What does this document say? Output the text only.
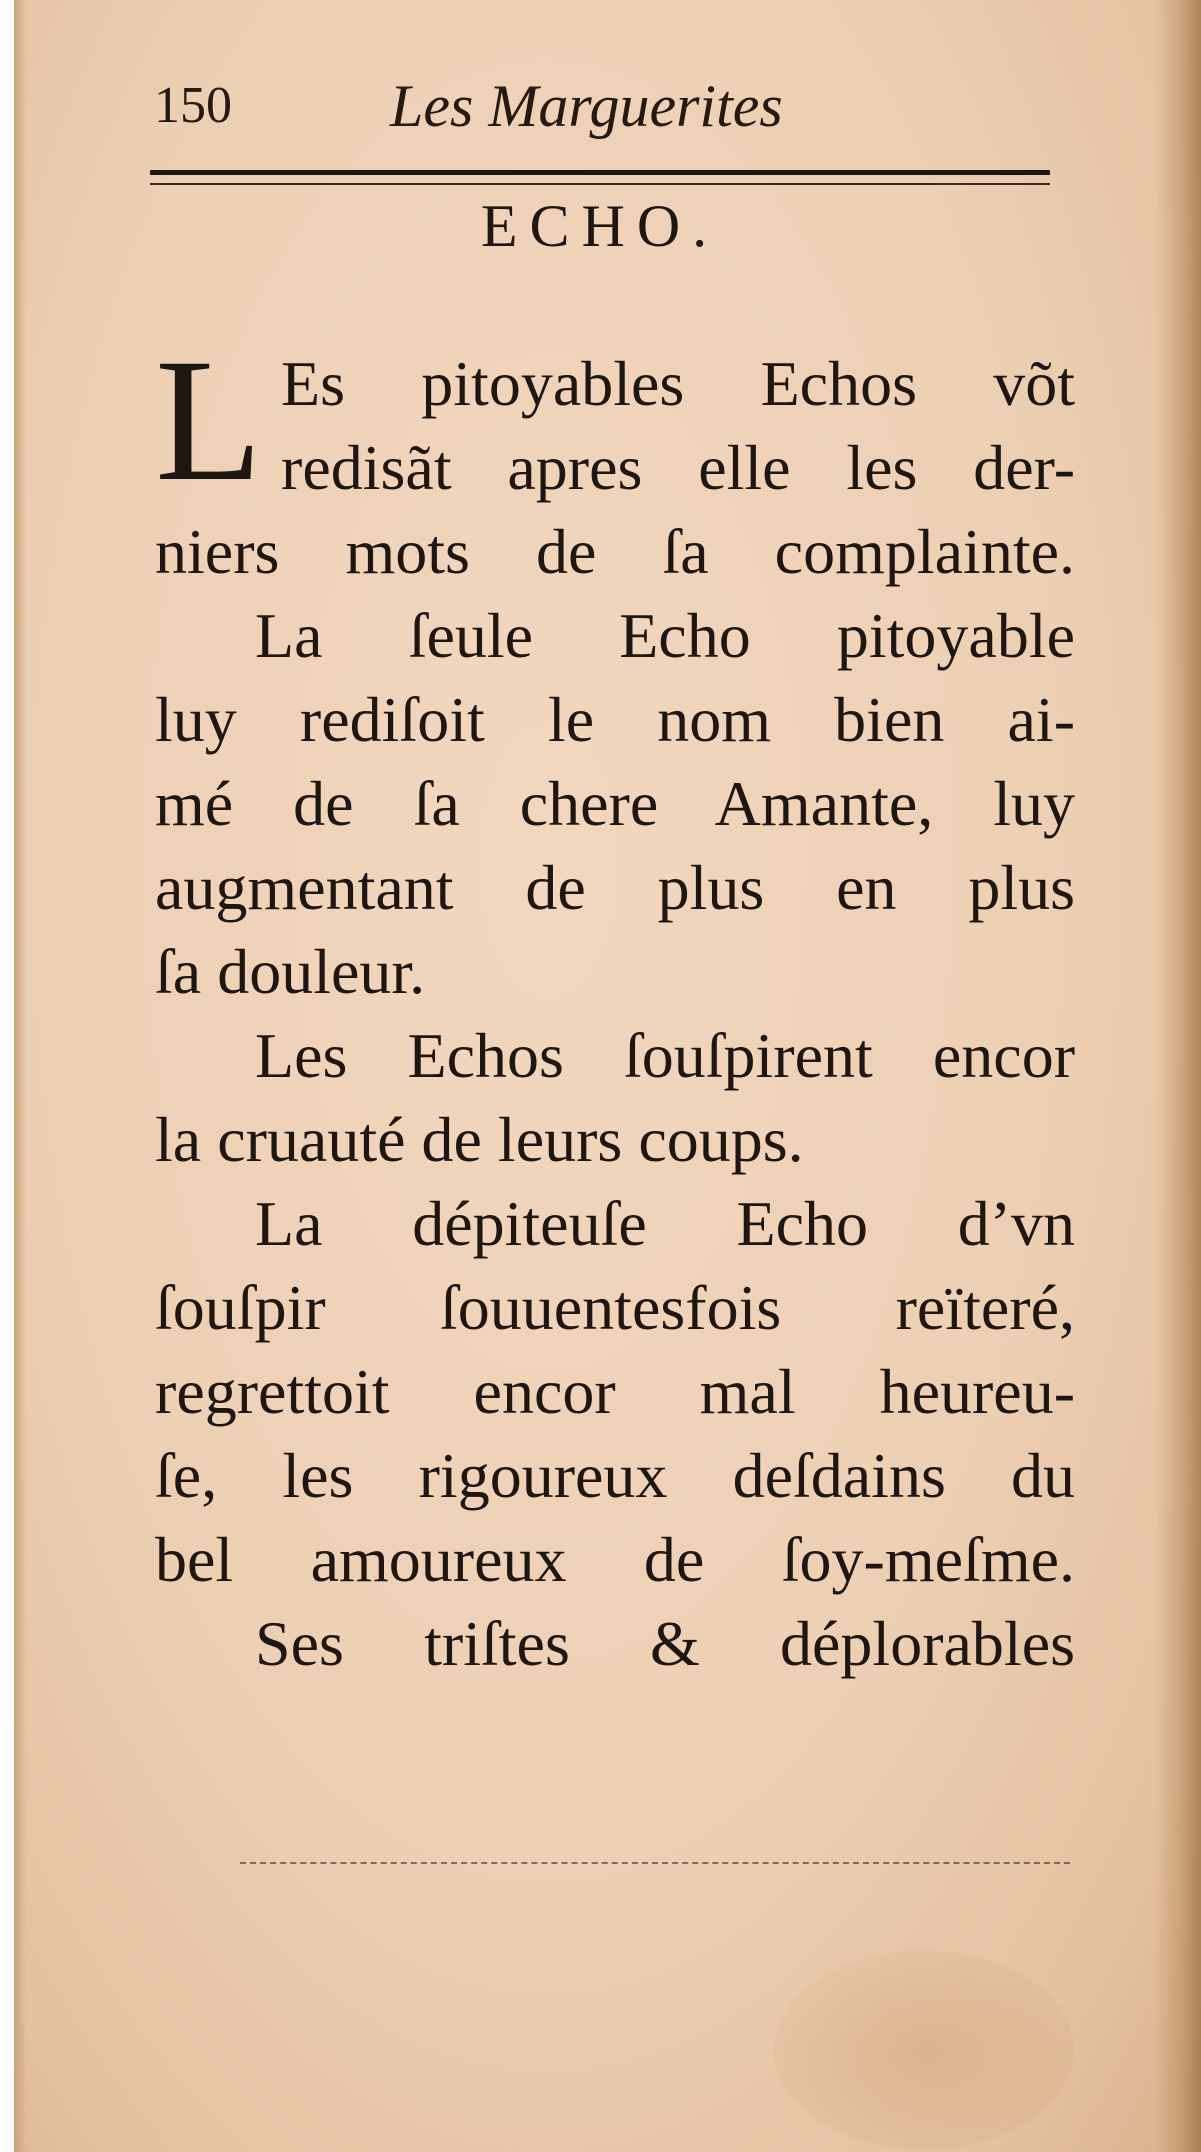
150	Les Marguerites
ECHO.
L Es pitoyables Echos võt
redisãt apres elle les der-
niers mots de ſa complainte.
La ſeule Echo pitoyable
luy rediſoit le nom bien ai-
mé de ſa chere Amante, luy
augmentant de plus en plus
ſa douleur.
Les Echos ſouſpirent encor
la cruauté de leurs coups.
La dépiteuſe Echo d’vn
ſouſpir ſouuentesfois reïteré,
regrettoit encor mal heureu-
ſe, les rigoureux deſdains du
bel amoureux de ſoy-meſme.
Ses triſtes & déplorables
